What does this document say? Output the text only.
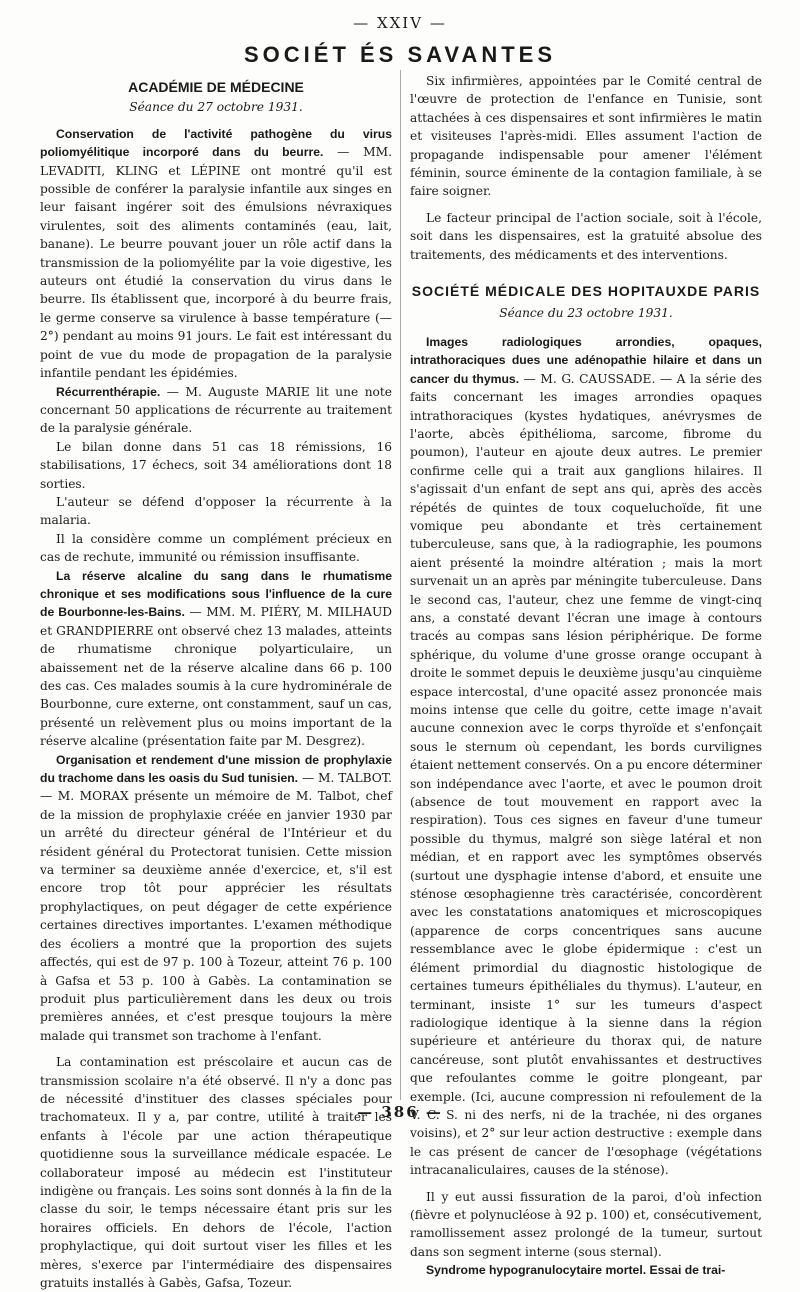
— XXIV —
SOCIÉT ÉS SAVANTES
ACADÉMIE DE MÉDECINE
Séance du 27 octobre 1931.

Conservation de l'activité pathogène du virus poliomyélitique incorporé dans du beurre. — MM. LEVADITI, KLING et LÉPINE ont montré qu'il est possible de conférer la paralysie infantile aux singes en leur faisant ingérer soit des émulsions névraxiques virulentes, soit des aliments contaminés (eau, lait, banane). Le beurre pouvant jouer un rôle actif dans la transmission de la poliomyélite par la voie digestive, les auteurs ont étudié la conservation du virus dans le beurre. Ils établissent que, incorporé à du beurre frais, le germe conserve sa virulence à basse température (— 2°) pendant au moins 91 jours. Le fait est intéressant du point de vue du mode de propagation de la paralysie infantile pendant les épidémies.

Récurrenthérapie. — M. Auguste MARIE lit une note concernant 50 applications de récurrente au traitement de la paralysie générale.

Le bilan donne dans 51 cas 18 rémissions, 16 stabilisations, 17 échecs, soit 34 améliorations dont 18 sorties.

L'auteur se défend d'opposer la récurrente à la malaria.

Il la considère comme un complément précieux en cas de rechute, immunité ou rémission insuffisante.

La réserve alcaline du sang dans le rhumatisme chronique et ses modifications sous l'influence de la cure de Bourbonne-les-Bains. — MM. M. PIÉRY, M. MILHAUD et GRANDPIERRE ont observé chez 13 malades, atteints de rhumatisme chronique polyarticulaire, un abaissement net de la réserve alcaline dans 66 p. 100 des cas. Ces malades soumis à la cure hydrominérale de Bourbonne, cure externe, ont constamment, sauf un cas, présenté un relèvement plus ou moins important de la réserve alcaline (présentation faite par M. Desgrez).

Organisation et rendement d'une mission de prophylaxie du trachome dans les oasis du Sud tunisien. — M. TALBOT. — M. MORAX présente un mémoire de M. Talbot, chef de la mission de prophylaxie créée en janvier 1930 par un arrêté du directeur général de l'Intérieur et du résident général du Protectorat tunisien. Cette mission va terminer sa deuxième année d'exercice, et, s'il est encore trop tôt pour apprécier les résultats prophylactiques, on peut dégager de cette expérience certaines directives importantes. L'examen méthodique des écoliers a montré que la proportion des sujets affectés, qui est de 97 p. 100 à Tozeur, atteint 76 p. 100 à Gafsa et 53 p. 100 à Gabès. La contamination se produit plus particulièrement dans les deux ou trois premières années, et c'est presque toujours la mère malade qui transmet son trachome à l'enfant.

La contamination est préscolaire et aucun cas de transmission scolaire n'a été observé. Il n'y a donc pas de nécessité d'instituer des classes spéciales pour trachomateux. Il y a, par contre, utilité à traiter les enfants à l'école par une action thérapeutique quotidienne sous la surveillance médicale espacée. Le collaborateur imposé au médecin est l'instituteur indigène ou français. Les soins sont donnés à la fin de la classe du soir, le temps nécessaire étant pris sur les horaires officiels. En dehors de l'école, l'action prophylactique, qui doit surtout viser les filles et les mères, s'exerce par l'intermédiaire des dispensaires gratuits installés à Gabès, Gafsa, Tozeur.

Six infirmières, appointées par le Comité central de l'œuvre de protection de l'enfance en Tunisie, sont attachées à ces dispensaires et sont infirmières le matin et visiteuses l'après-midi. Elles assument l'action de propagande indispensable pour amener l'élément féminin, source éminente de la contagion familiale, à se faire soigner.

Le facteur principal de l'action sociale, soit à l'école, soit dans les dispensaires, est la gratuité absolue des traitements, des médicaments et des interventions.

SOCIÉTÉ MÉDICALE DES HOPITAUXDE PARIS
Séance du 23 octobre 1931.

Images radiologiques arrondies, opaques, intrathoraciques dues une adénopathie hilaire et dans un cancer du thymus. — M. G. CAUSSADE. — A la série des faits concernant les images arrondies opaques intrathoraciques (kystes hydatiques, anévrysmes de l'aorte, abcès épithélioma, sarcome, fibrome du poumon), l'auteur en ajoute deux autres. Le premier confirme celle qui a trait aux ganglions hilaires. Il s'agissait d'un enfant de sept ans qui, après des accès répétés de quintes de toux coqueluchoïde, fit une vomique peu abondante et très certainement tuberculeuse, sans que, à la radiographie, les poumons aient présenté la moindre altération ; mais la mort survenait un an après par méningite tuberculeuse. Dans le second cas, l'auteur, chez une femme de vingt-cinq ans, a constaté devant l'écran une image à contours tracés au compas sans lésion périphérique. De forme sphérique, du volume d'une grosse orange occupant à droite le sommet depuis le deuxième jusqu'au cinquième espace intercostal, d'une opacité assez prononcée mais moins intense que celle du goitre, cette image n'avait aucune connexion avec le corps thyroïde et s'enfonçait sous le sternum où cependant, les bords curvilignes étaient nettement conservés. On a pu encore déterminer son indépendance avec l'aorte, et avec le poumon droit (absence de tout mouvement en rapport avec la respiration). Tous ces signes en faveur d'une tumeur possible du thymus, malgré son siège latéral et non médian, et en rapport avec les symptômes observés (surtout une dysphagie intense d'abord, et ensuite une sténose œsophagienne très caractérisée, concordèrent avec les constatations anatomiques et microscopiques (apparence de corps concentriques sans aucune ressemblance avec le globe épidermique : c'est un élément primordial du diagnostic histologique de certaines tumeurs épithéliales du thymus). L'auteur, en terminant, insiste 1° sur les tumeurs d'aspect radiologique identique à la sienne dans la région supérieure et antérieure du thorax qui, de nature cancéreuse, sont plutôt envahissantes et destructives que refoulantes comme le goitre plongeant, par exemple. (Ici, aucune compression ni refoulement de la V. C. S. ni des nerfs, ni de la trachée, ni des organes voisins), et 2° sur leur action destructive : exemple dans le cas présent de cancer de l'œsophage (végétations intracanaliculaires, causes de la sténose).

Il y eut aussi fissuration de la paroi, d'où infection (fièvre et polynucléose à 92 p. 100) et, consécutivement, ramollissement assez prolongé de la tumeur, surtout dans son segment interne (sous sternal).

Syndrome hypogranulocytaire mortel. Essai de trai-

— 386 —
